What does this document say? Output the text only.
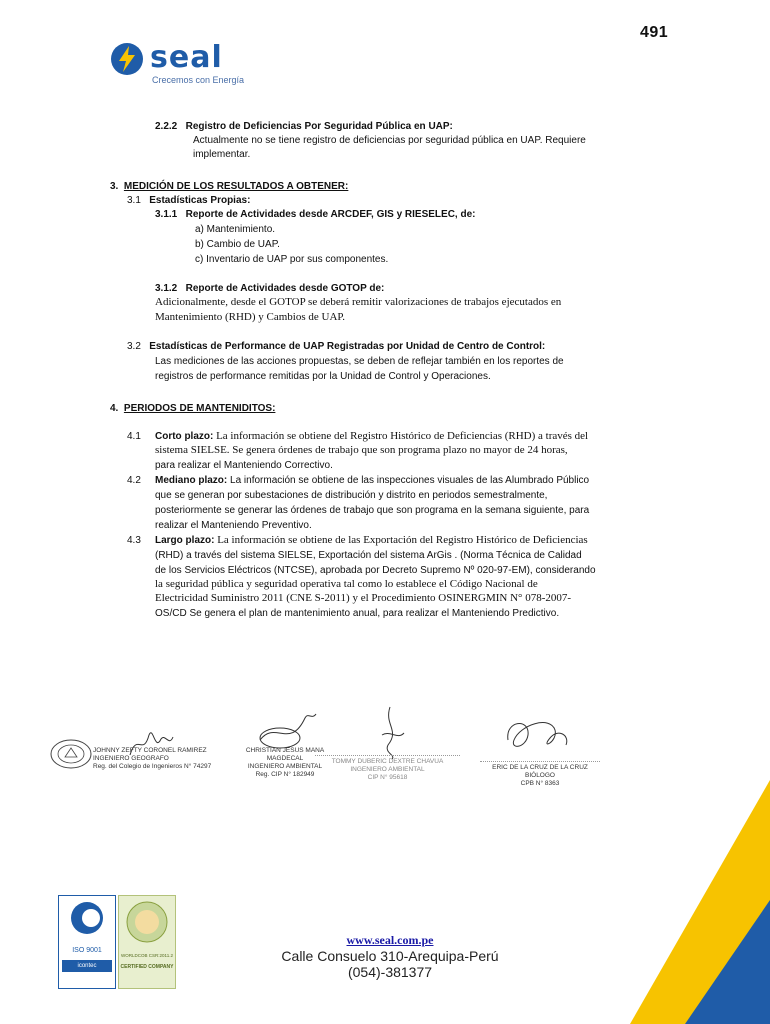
491
seal
Crecemos con Energía
2.2.2 Registro de Deficiencias Por Seguridad Pública en UAP:
Actualmente no se tiene registro de deficiencias por seguridad pública en UAP. Requiere
implementar.
3. MEDICIÓN DE LOS RESULTADOS A OBTENER:
3.1 Estadísticas Propias:
3.1.1 Reporte de Actividades desde ARCDEF, GIS y RIESELEC, de:
a) Mantenimiento.
b) Cambio de UAP.
c) Inventario de UAP por sus componentes.
3.1.2 Reporte de Actividades desde GOTOP de:
Adicionalmente, desde el GOTOP se deberá remitir valorizaciones de trabajos ejecutados en
Mantenimiento (RHD) y Cambios de UAP.
3.2 Estadísticas de Performance de UAP Registradas por Unidad de Centro de Control:
Las mediciones de las acciones propuestas, se deben de reflejar también en los reportes de
registros de performance remitidas por la Unidad de Control y Operaciones.
4. PERIODOS DE MANTENIDITOS:
4.1 Corto plazo: La información se obtiene del Registro Histórico de Deficiencias (RHD) a través del
sistema SIELSE. Se genera órdenes de trabajo que son programa plazo no mayor de 24 horas,
para realizar el Manteniendo Correctivo.
4.2 Mediano plazo: La información se obtiene de las inspecciones visuales de las Alumbrado Público
que se generan por subestaciones de distribución y distrito en periodos semestralmente,
posteriormente se generar las órdenes de trabajo que son programa en la semana siguiente, para
realizar el Manteniendo Preventivo.
4.3 Largo plazo: La información se obtiene de las Exportación del Registro Histórico de Deficiencias
(RHD) a través del sistema SIELSE, Exportación del sistema ArGis . (Norma Técnica de Calidad
de los Servicios Eléctricos (NTCSE), aprobada por Decreto Supremo Nº 020-97-EM), considerando
la seguridad pública y seguridad operativa tal como lo establece el Código Nacional de
Electricidad Suministro 2011 (CNE S-2011) y el Procedimiento OSINERGMIN N° 078-2007-
OS/CD Se genera el plan de mantenimiento anual, para realizar el Manteniendo Predictivo.
JOHNNY ZEFTY CORONEL RAMIREZ
INGENIERO GEOGRAFO
Reg. del Colegio de Ingenieros N° 74297
CHRISTIAN JESUS MANA MAGDECAL
INGENIERO AMBIENTAL
Reg. CIP N° 182949
TOMMY DUBERIC DEXTRE CHAVUA
INGENIERO AMBIENTAL
CIP N° 95618
ERIC DE LA CRUZ DE LA CRUZ
BIÓLOGO
CPB N° 8363
ISO 9001
icontec
WORLDCOB CSR:2011.2
CERTIFIED COMPANY
www.seal.com.pe
Calle Consuelo 310-Arequipa-Perú
(054)-381377
